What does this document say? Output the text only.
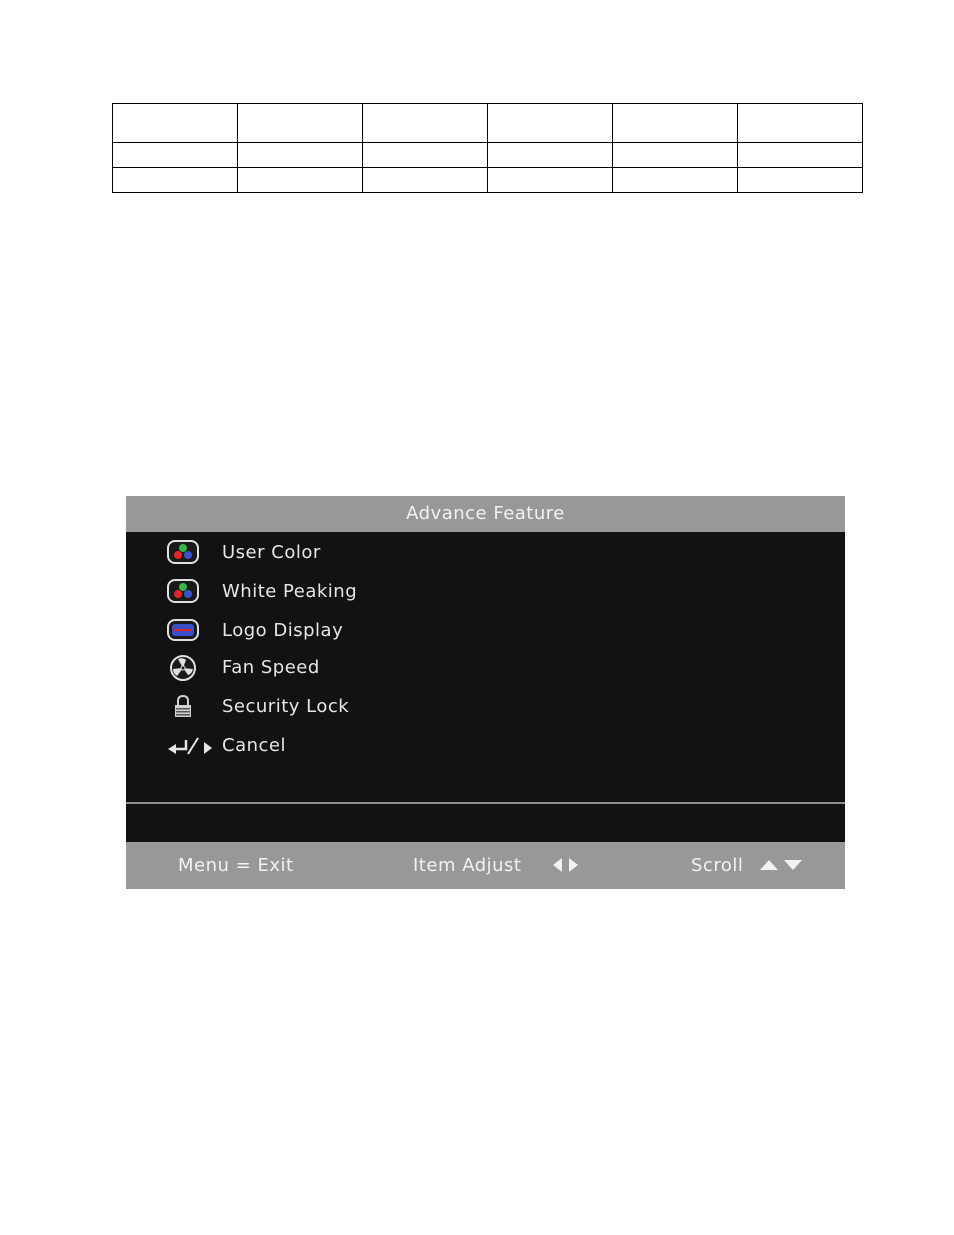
Advance Feature
User Color
White Peaking
Logo Display
Fan Speed
Security Lock
Cancel
Menu = Exit	Item Adjust	Scroll
